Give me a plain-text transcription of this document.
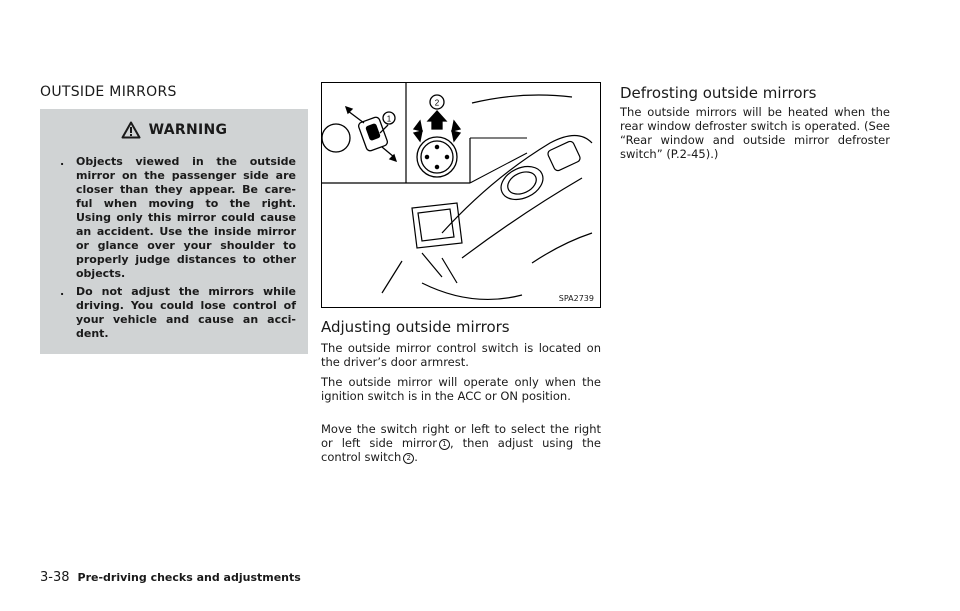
OUTSIDE MIRRORS
WARNING
. Objects viewed in the outside mirror on the passenger side are closer than they appear. Be care- ful when moving to the right. Using only this mirror could cause an accident. Use the inside mirror or glance over your shoulder to properly judge distances to other objects.
. Do not adjust the mirrors while driving. You could lose control of your vehicle and cause an acci- dent.
1
2
SPA2739
Adjusting outside mirrors

The outside mirror control switch is located on the driver’s door armrest.

The outside mirror will operate only when the ignition switch is in the ACC or ON position.

Move the switch right or left to select the right or left side mirror 1 , then adjust using the control switch 2 .

Defrosting outside mirrors

The outside mirrors will be heated when the rear window defroster switch is operated. (See “Rear window and outside mirror defroster switch” (P.2-45).)

3-38 Pre-driving checks and adjustments
